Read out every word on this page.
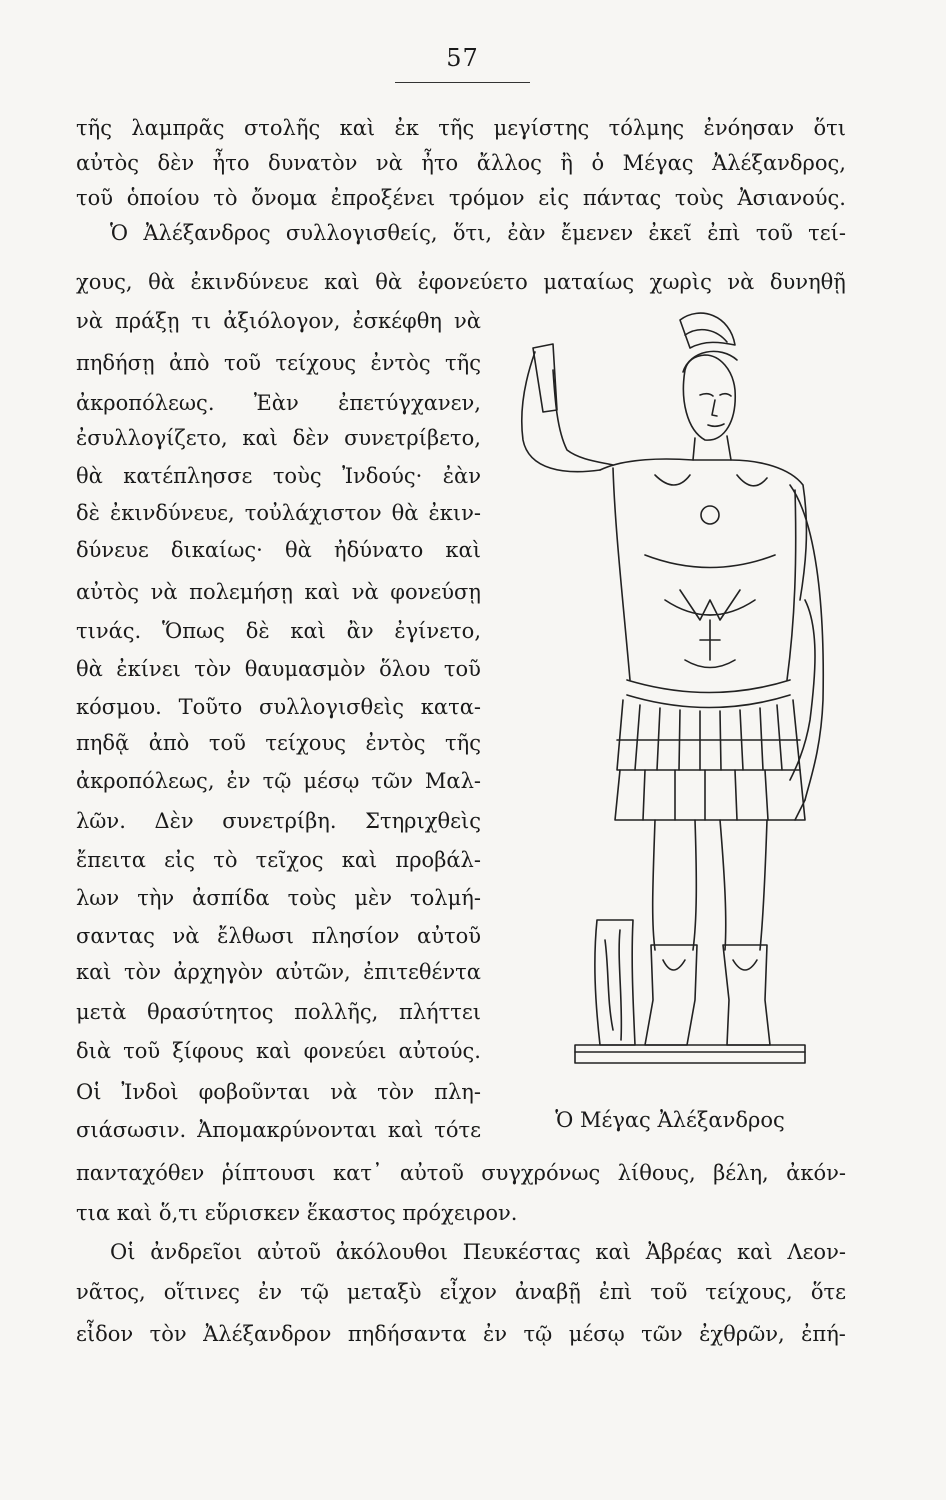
57
τῆς λαμπρᾶς στολῆς καὶ ἐκ τῆς μεγίστης τόλμης ἐνόησαν ὅτι
αὐτὸς δὲν ἦτο δυνατὸν νὰ ἦτο ἄλλος ἢ ὁ Μέγας Ἀλέξανδρος,
τοῦ ὁποίου τὸ ὄνομα ἐπροξένει τρόμον εἰς πάντας τοὺς Ἀσιανούς.
Ὁ Ἀλέξανδρος συλλογισθείς, ὅτι, ἐὰν ἔμενεν ἐκεῖ ἐπὶ τοῦ τεί-
χους, θὰ ἐκινδύνευε καὶ θὰ ἐφονεύετο ματαίως χωρὶς νὰ δυνηθῇ
νὰ πράξῃ τι ἀξιόλογον, ἐσκέφθη νὰ
πηδήσῃ ἀπὸ τοῦ τείχους ἐντὸς τῆς
ἀκροπόλεως. Ἐὰν ἐπετύγχανεν,
ἐσυλλογίζετο, καὶ δὲν συνετρίβετο,
θὰ κατέπλησσε τοὺς Ἰνδούς· ἐὰν
δὲ ἐκινδύνευε, τοὐλάχιστον θὰ ἐκιν-
δύνευε δικαίως· θὰ ἠδύνατο καὶ
αὐτὸς νὰ πολεμήσῃ καὶ νὰ φονεύσῃ
τινάς. Ὅπως δὲ καὶ ἂν ἐγίνετο,
θὰ ἐκίνει τὸν θαυμασμὸν ὅλου τοῦ
κόσμου. Τοῦτο συλλογισθεὶς κατα-
πηδᾷ ἀπὸ τοῦ τείχους ἐντὸς τῆς
ἀκροπόλεως, ἐν τῷ μέσῳ τῶν Μαλ-
λῶν. Δὲν συνετρίβη. Στηριχθεὶς
ἔπειτα εἰς τὸ τεῖχος καὶ προβάλ-
λων τὴν ἀσπίδα τοὺς μὲν τολμή-
σαντας νὰ ἔλθωσι πλησίον αὐτοῦ
καὶ τὸν ἀρχηγὸν αὐτῶν, ἐπιτεθέντα
μετὰ θρασύτητος πολλῆς, πλήττει
διὰ τοῦ ξίφους καὶ φονεύει αὐτούς.
Οἱ Ἰνδοὶ φοβοῦνται νὰ τὸν πλη-
σιάσωσιν. Ἀπομακρύνονται καὶ τότε
πανταχόθεν ῥίπτουσι κατ᾽ αὐτοῦ συγχρόνως λίθους, βέλη, ἀκόν-
τια καὶ ὅ,τι εὕρισκεν ἕκαστος πρόχειρον.
Οἱ ἀνδρεῖοι αὐτοῦ ἀκόλουθοι Πευκέστας καὶ Ἀβρέας καὶ Λεον-
νᾶτος, οἵτινες ἐν τῷ μεταξὺ εἶχον ἀναβῇ ἐπὶ τοῦ τείχους, ὅτε
εἶδον τὸν Ἀλέξανδρον πηδήσαντα ἐν τῷ μέσῳ τῶν ἐχθρῶν, ἐπή-
Ὁ Μέγας Ἀλέξανδρος
